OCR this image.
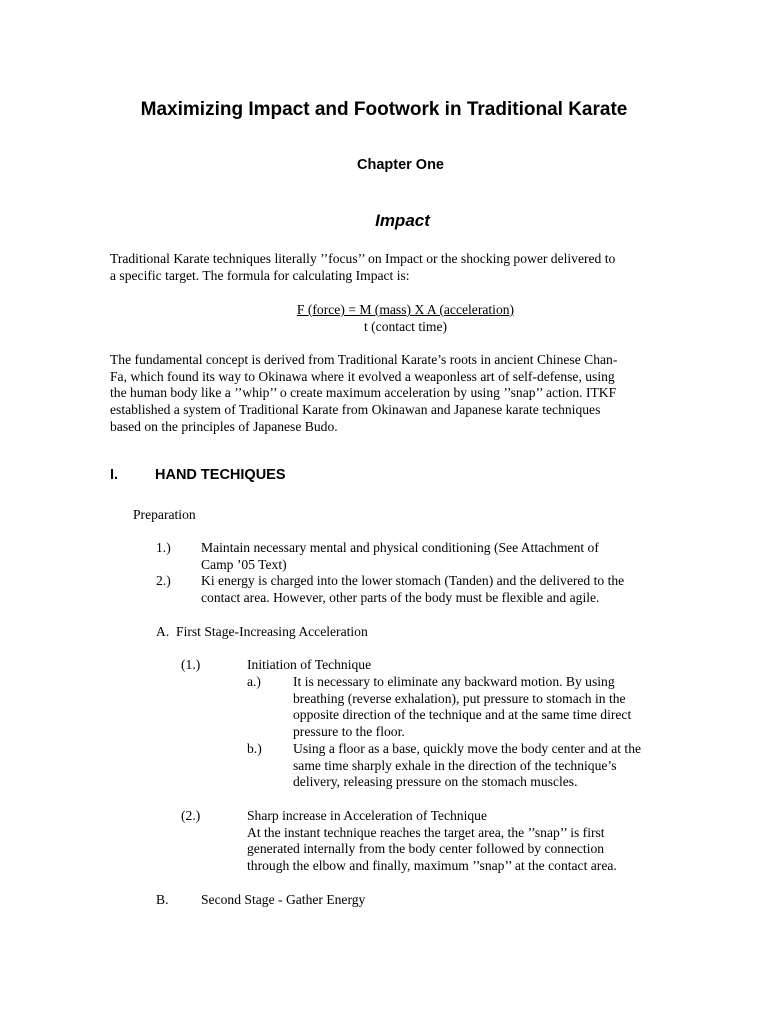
Maximizing Impact and Footwork in Traditional Karate
Chapter One
Impact
Traditional Karate techniques literally ’’focus’’ on Impact or the shocking power delivered to
a specific target. The formula for calculating Impact is:
F (force) = M (mass) X A (acceleration)
t (contact time)
The fundamental concept is derived from Traditional Karate’s roots in ancient Chinese Chan-
Fa, which found its way to Okinawa where it evolved a weaponless art of self-defense, using
the human body like a ’’whip’’ o create maximum acceleration by using ’’snap’’ action. ITKF
established a system of Traditional Karate from Okinawan and Japanese karate techniques
based on the principles of Japanese Budo.
I.	HAND TECHIQUES
Preparation
1.) Maintain necessary mental and physical conditioning (See Attachment of
Camp ’05 Text)
2.) Ki energy is charged into the lower stomach (Tanden) and the delivered to the
contact area. However, other parts of the body must be flexible and agile.
A.  First Stage-Increasing Acceleration
(1.)	Initiation of Technique
a.) It is necessary to eliminate any backward motion. By using
breathing (reverse exhalation), put pressure to stomach in the
opposite direction of the technique and at the same time direct
pressure to the floor.
b.) Using a floor as a base, quickly move the body center and at the
same time sharply exhale in the direction of the technique’s
delivery, releasing pressure on the stomach muscles.
(2.)	Sharp increase in Acceleration of Technique
At the instant technique reaches the target area, the ’’snap’’ is first
generated internally from the body center followed by connection
through the elbow and finally, maximum ’’snap’’ at the contact area.
B. Second Stage - Gather Energy
